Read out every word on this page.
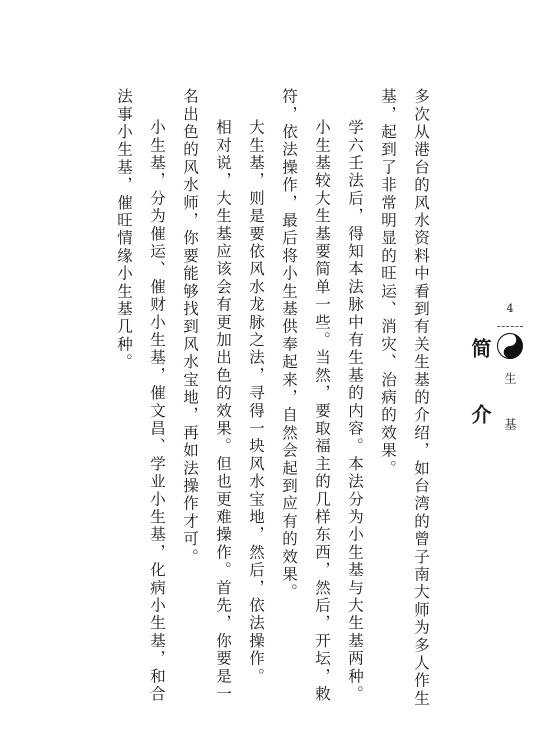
4
简介 生基

多次从港台的风水资料中看到有关生基的介绍，如台湾的曾子南大师为多人作生基，起到了非常明显的旺运、消灾、治病的效果。

学六壬法后，得知本法脉中有生基的内容。本法分为小生基与大生基两种。

小生基较大生基要简单一些。当然，要取福主的几样东西，然后，开坛，敕符，依法操作，最后将小生基供奉起来，自然会起到应有的效果。

大生基，则是要依风水龙脉之法，寻得一块风水宝地，然后，依法操作。

相对说，大生基应该会有更加出色的效果。但也更难操作。首先，你要是一名出色的风水师，你要能够找到风水宝地，再如法操作才可。

小生基，分为催运、催财小生基，催文昌、学业小生基，化病小生基，和合法事小生基，催旺情缘小生基几种。
